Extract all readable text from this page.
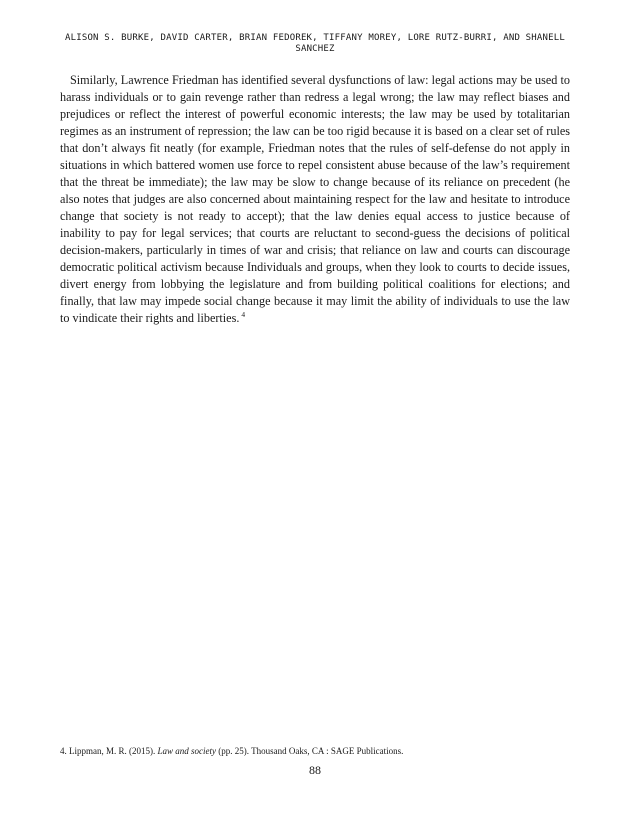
ALISON S. BURKE, DAVID CARTER, BRIAN FEDOREK, TIFFANY MOREY, LORE RUTZ-BURRI, AND SHANELL
SANCHEZ

Similarly, Lawrence Friedman has identified several dysfunctions of law: legal actions may be used to harass individuals or to gain revenge rather than redress a legal wrong; the law may reflect biases and prejudices or reflect the interest of powerful economic interests; the law may be used by totalitarian regimes as an instrument of repression; the law can be too rigid because it is based on a clear set of rules that don’t always fit neatly (for example, Friedman notes that the rules of self-defense do not apply in situations in which battered women use force to repel consistent abuse because of the law’s requirement that the threat be immediate); the law may be slow to change because of its reliance on precedent (he also notes that judges are also concerned about maintaining respect for the law and hesitate to introduce change that society is not ready to accept); that the law denies equal access to justice because of inability to pay for legal services; that courts are reluctant to second-guess the decisions of political decision-makers, particularly in times of war and crisis; that reliance on law and courts can discourage democratic political activism because Individuals and groups, when they look to courts to decide issues, divert energy from lobbying the legislature and from building political coalitions for elections; and finally, that law may impede social change because it may limit the ability of individuals to use the law to vindicate their rights and liberties. $^4$

4. Lippman, M. R. (2015). Law and society (pp. 25). Thousand Oaks, CA : SAGE Publications.
88
